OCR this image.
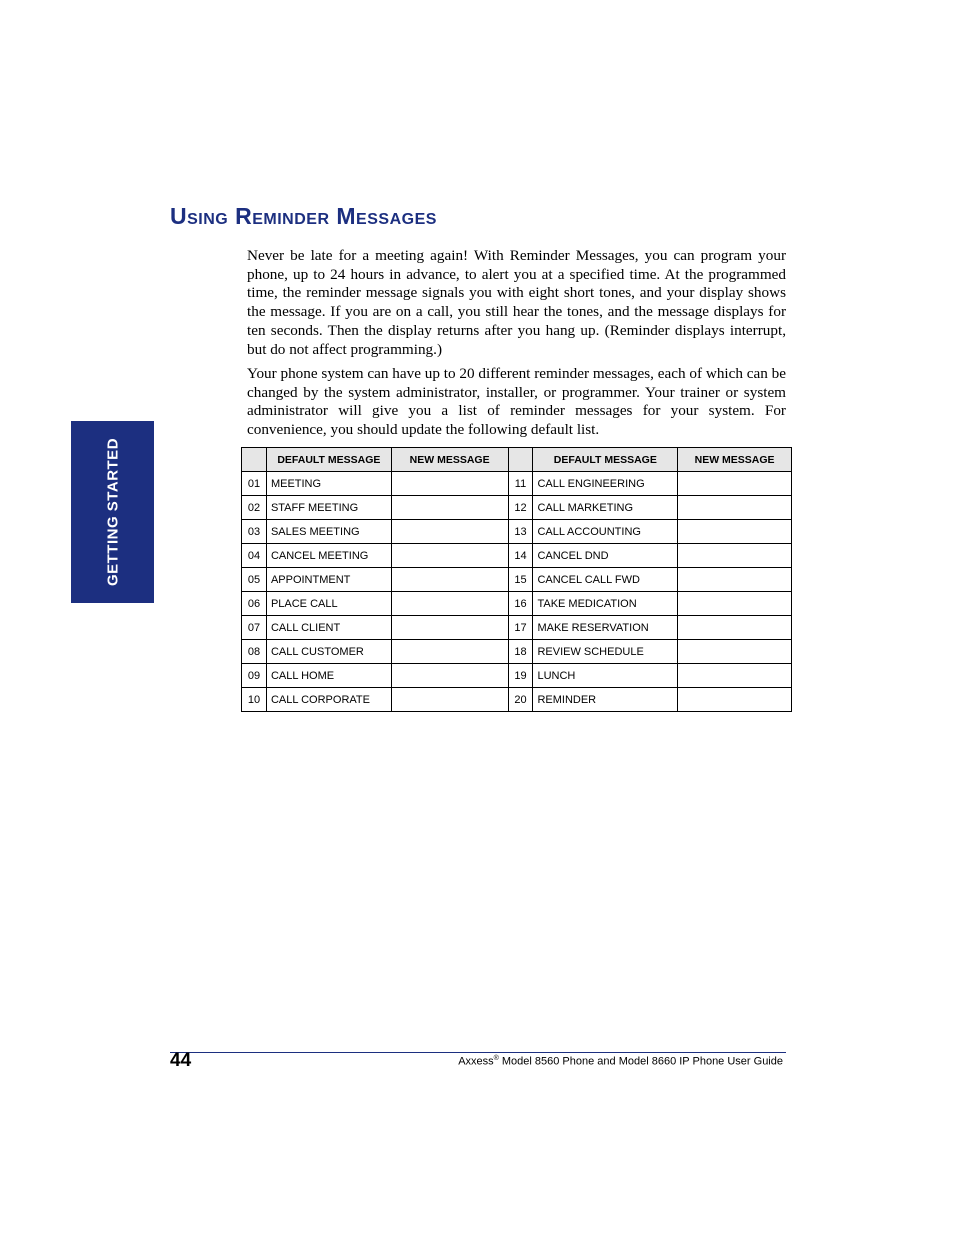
GETTING STARTED
Using Reminder Messages

Never be late for a meeting again! With Reminder Messages, you can program your phone, up to 24 hours in advance, to alert you at a specified time. At the programmed time, the reminder message signals you with eight short tones, and your display shows the message. If you are on a call, you still hear the tones, and the message displays for ten seconds. Then the display returns after you hang up. (Reminder displays interrupt, but do not affect programming.)

Your phone system can have up to 20 different reminder messages, each of which can be changed by the system administrator, installer, or programmer. Your trainer or system administrator will give you a list of reminder messages for your system. For convenience, you should update the following default list.

	DEFAULT MESSAGE	NEW MESSAGE		DEFAULT MESSAGE	NEW MESSAGE
01	MEETING		11	CALL ENGINEERING	
02	STAFF MEETING		12	CALL MARKETING	
03	SALES MEETING		13	CALL ACCOUNTING	
04	CANCEL MEETING		14	CANCEL DND	
05	APPOINTMENT		15	CANCEL CALL FWD	
06	PLACE CALL		16	TAKE MEDICATION	
07	CALL CLIENT		17	MAKE RESERVATION	
08	CALL CUSTOMER		18	REVIEW SCHEDULE	
09	CALL HOME		19	LUNCH	
10	CALL CORPORATE		20	REMINDER	
44	Axxess® Model 8560 Phone and Model 8660 IP Phone User Guide
